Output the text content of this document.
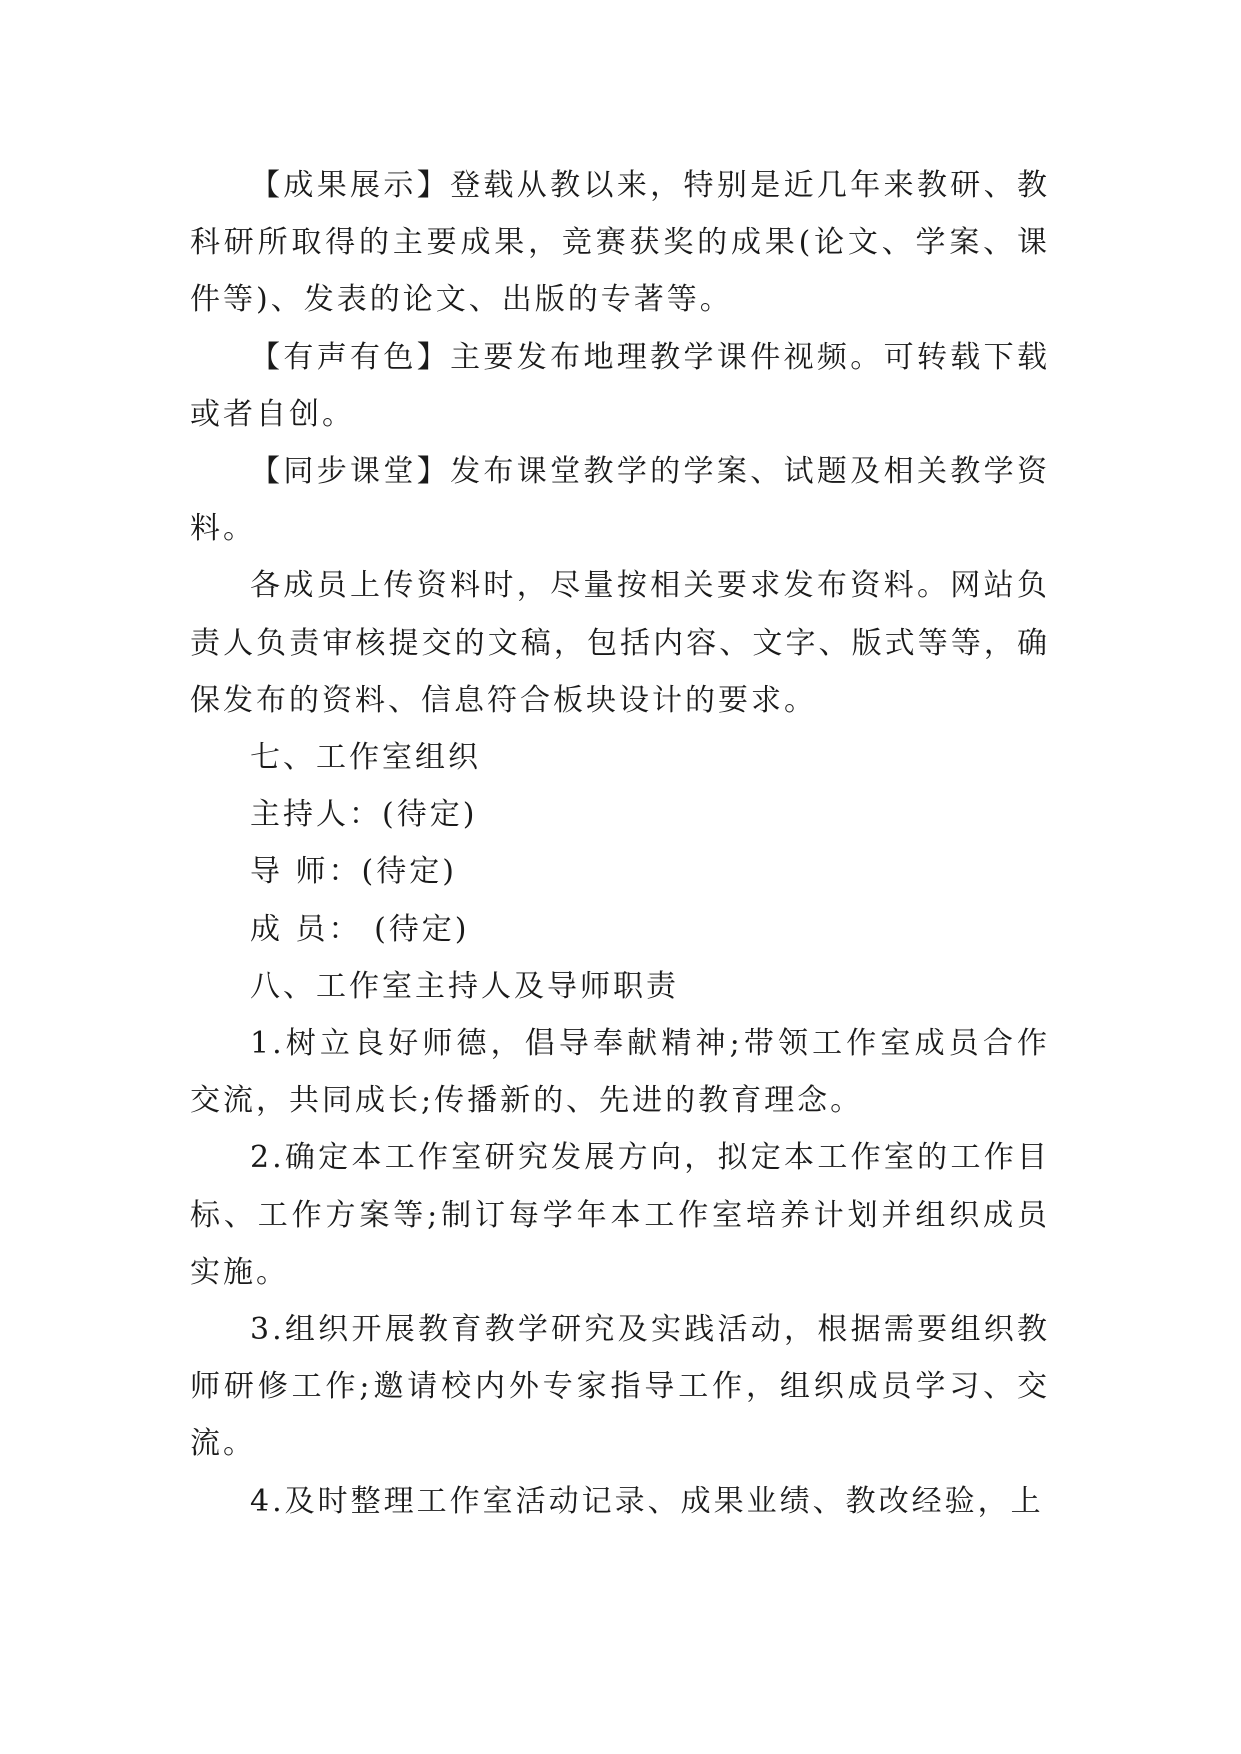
【成果展示】登载从教以来，特别是近几年来教研、教科研所取得的主要成果，竞赛获奖的成果(论文、学案、课件等)、发表的论文、出版的专著等。

【有声有色】主要发布地理教学课件视频。可转载下载或者自创。

【同步课堂】发布课堂教学的学案、试题及相关教学资料。

各成员上传资料时，尽量按相关要求发布资料。网站负责人负责审核提交的文稿，包括内容、文字、版式等等，确保发布的资料、信息符合板块设计的要求。

七、工作室组织

主持人：(待定)

导 师：(待定)

成 员： (待定)

八、工作室主持人及导师职责

1.树立良好师德，倡导奉献精神;带领工作室成员合作交流，共同成长;传播新的、先进的教育理念。

2.确定本工作室研究发展方向，拟定本工作室的工作目标、工作方案等;制订每学年本工作室培养计划并组织成员实施。

3.组织开展教育教学研究及实践活动，根据需要组织教师研修工作;邀请校内外专家指导工作，组织成员学习、交流。

4.及时整理工作室活动记录、成果业绩、教改经验，上
